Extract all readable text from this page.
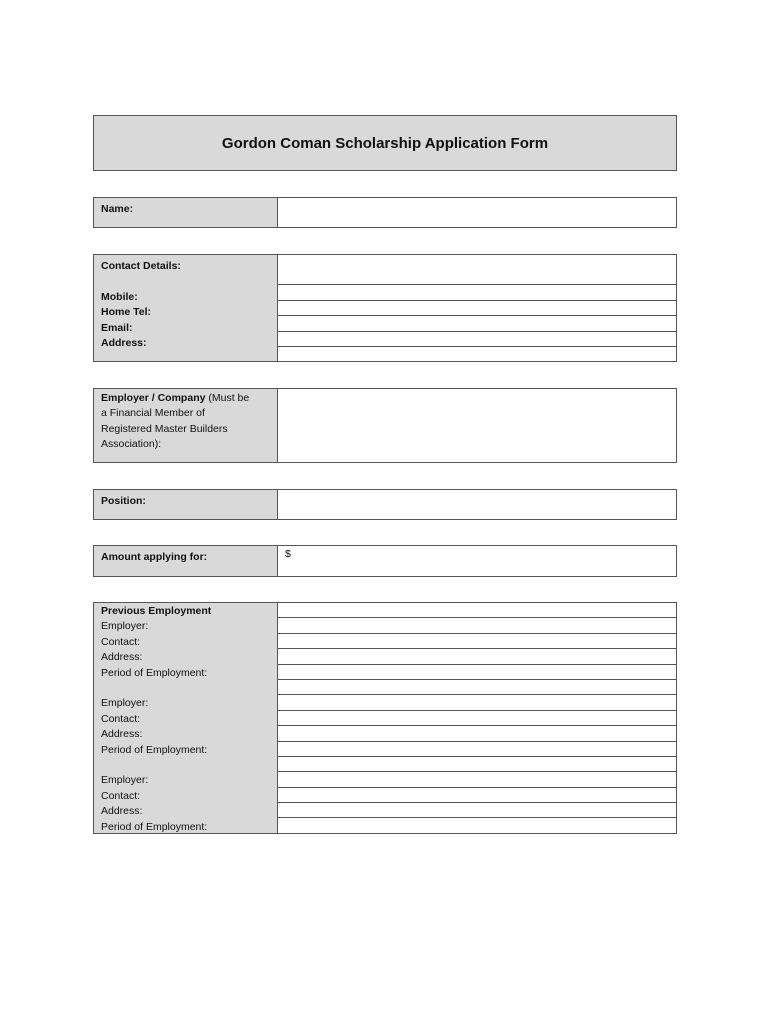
Gordon Coman Scholarship Application Form
Name:
Contact Details:
Mobile:
Home Tel:
Email:
Address:
Employer / Company (Must be
a Financial Member of
Registered Master Builders
Association):
Position:
Amount applying for:	$
Previous Employment
Employer:
Contact:
Address:
Period of Employment:
Employer:
Contact:
Address:
Period of Employment:
Employer:
Contact:
Address:
Period of Employment:
